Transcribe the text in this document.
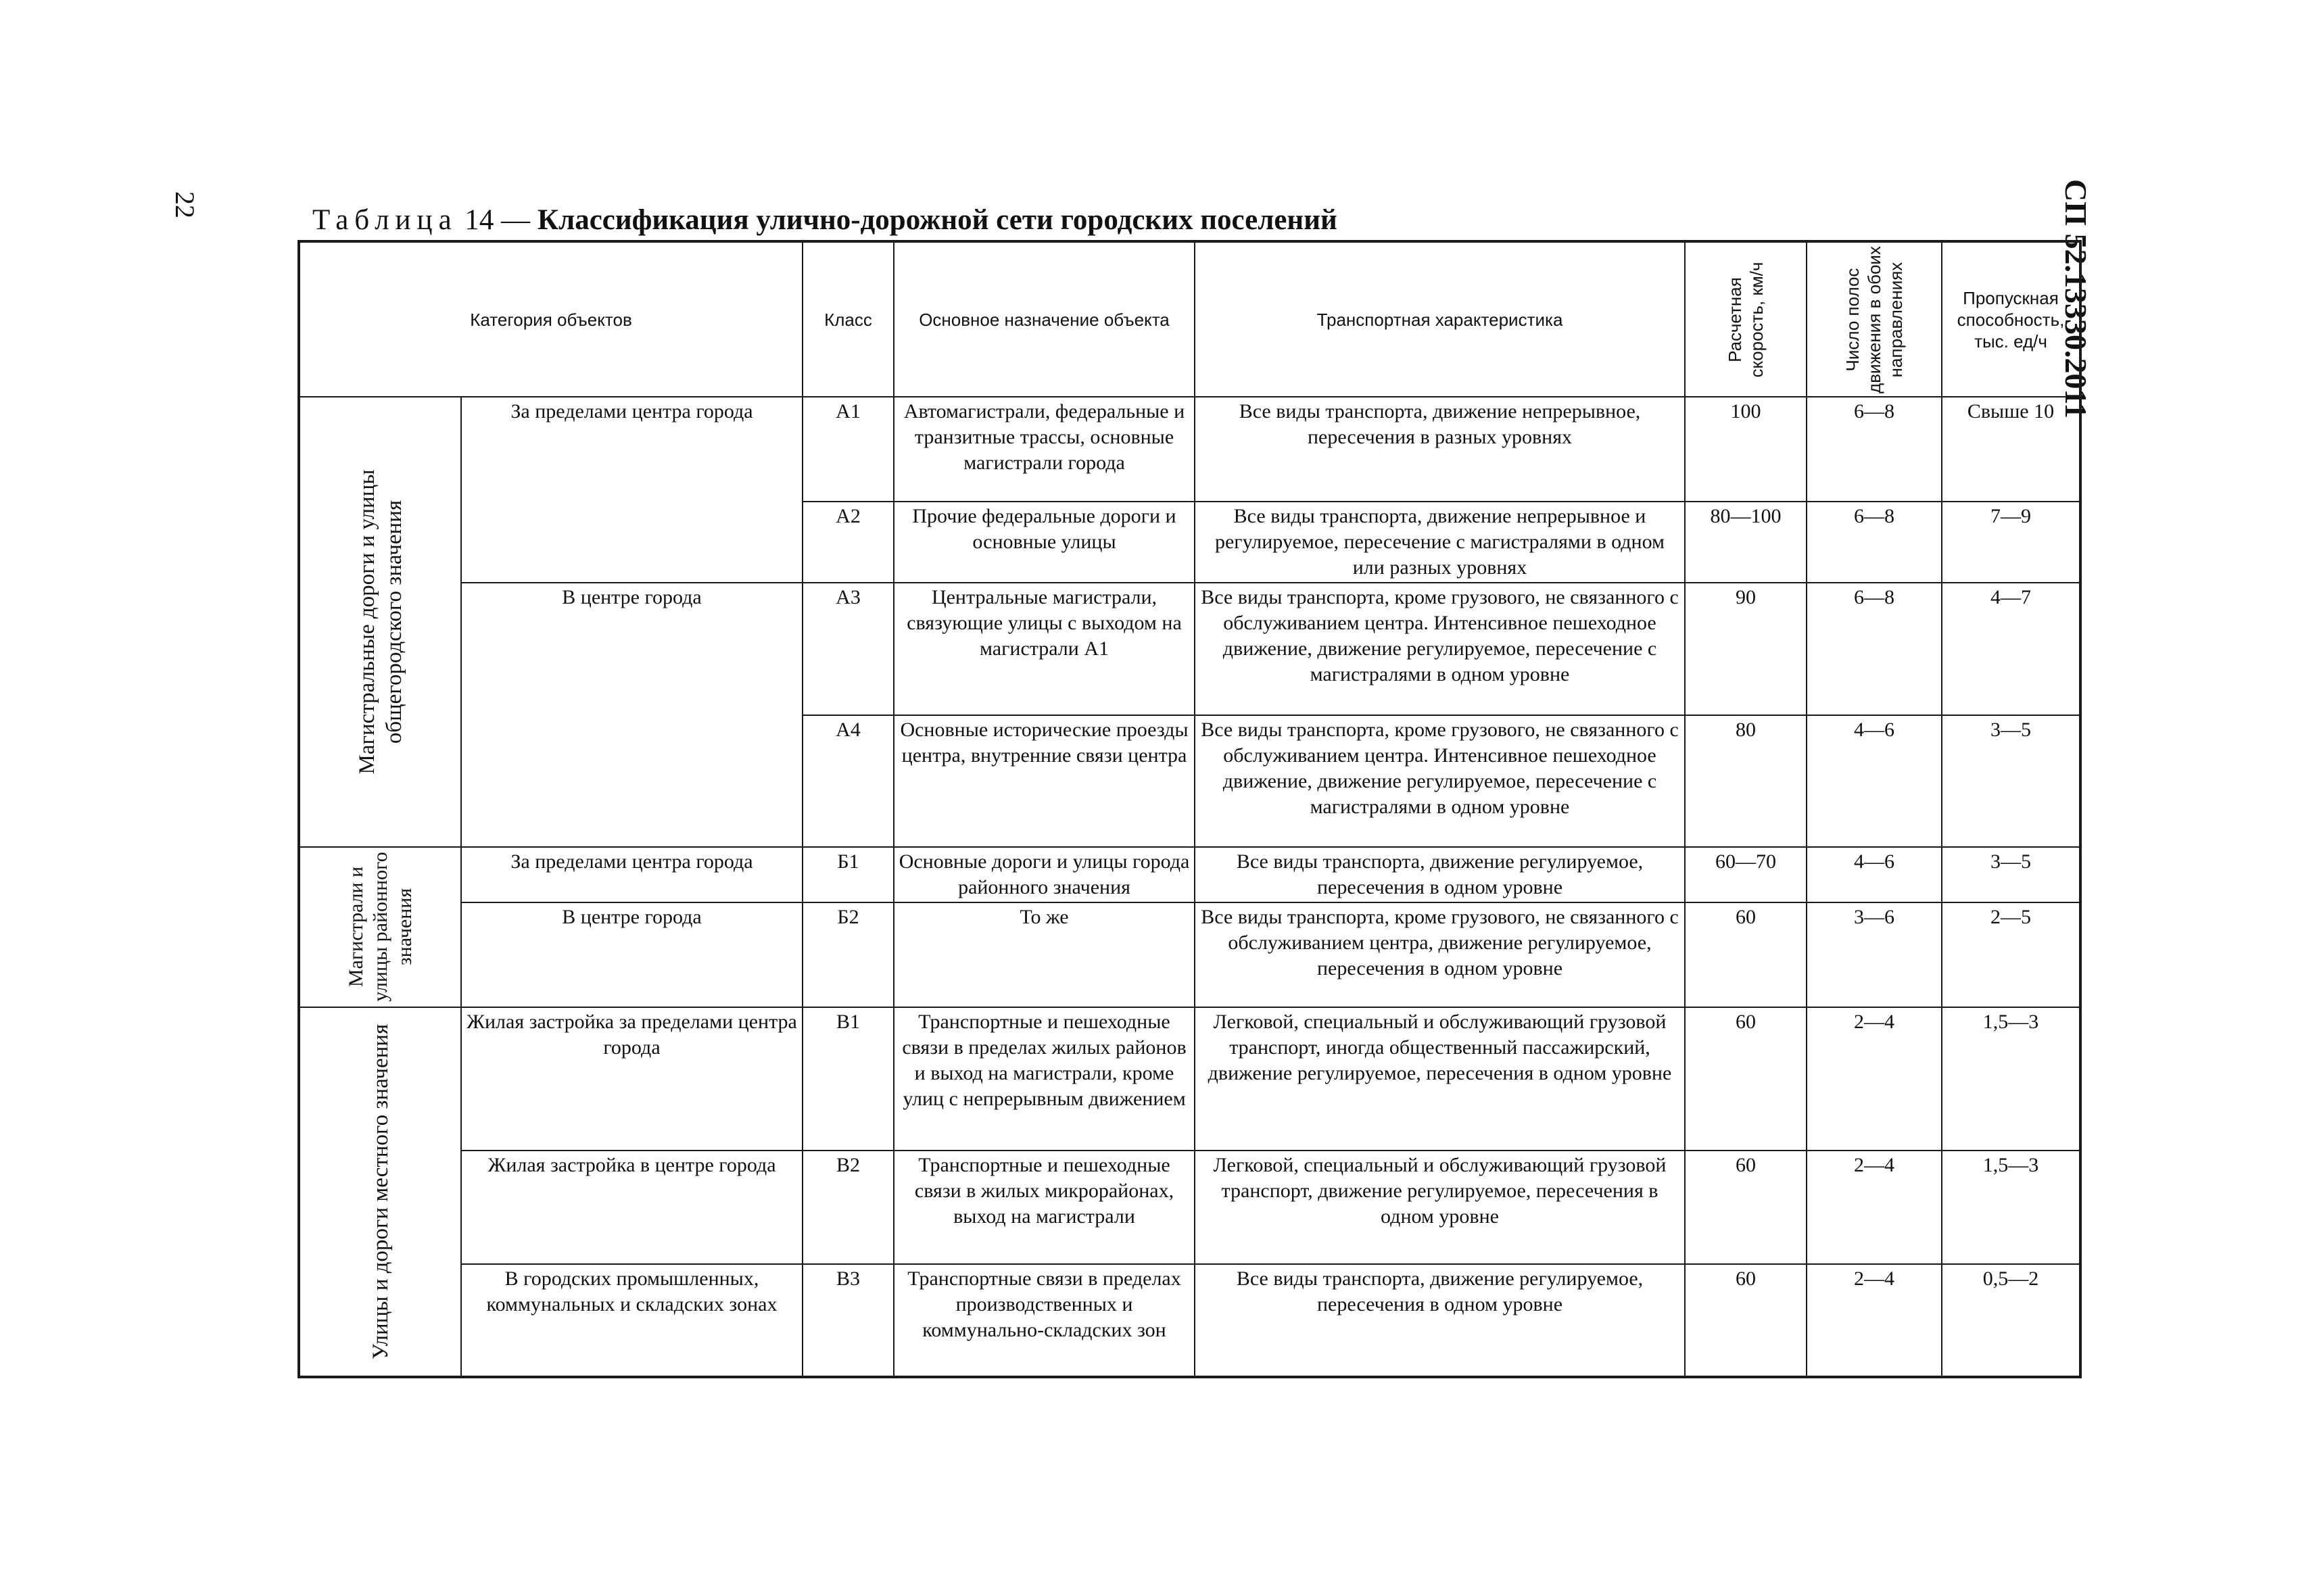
22	СП 52.13330.2011
Таблица 14 — Классификация улично-дорожной сети городских поселений
Категория объектов		Класс	Основное назначение объекта	Транспортная характеристика	Расчетная скорость, км/ч	Число полос движения в обоих направлениях	Пропускная способность, тыс. ед/ч

Магистральные дороги и улицы общегородского значения	За пределами центра города	А1	Автомагистрали, федеральные и транзитные трассы, основные магистрали города	Все виды транспорта, движение непрерывное, пересечения в разных уровнях	100	6—8	Свыше 10
		А2	Прочие федеральные дороги и основные улицы	Все виды транспорта, движение непрерывное и регулируемое, пересечение с магистралями в одном или разных уровнях	80—100	6—8	7—9
	В центре города	А3	Центральные магистрали, связующие улицы с выходом на магистрали А1	Все виды транспорта, кроме грузового, не связанного с обслуживанием центра. Интенсивное пешеходное движение, движение регулируемое, пересечение с магистралями в одном уровне	90	6—8	4—7
		А4	Основные исторические проезды центра, внутренние связи центра	Все виды транспорта, кроме грузового, не связанного с обслуживанием центра. Интенсивное пешеходное движение, движение регулируемое, пересечение с магистралями в одном уровне	80	4—6	3—5

Магистрали и улицы районного значения	За пределами центра города	Б1	Основные дороги и улицы города районного значения	Все виды транспорта, движение регулируемое, пересечения в одном уровне	60—70	4—6	3—5
	В центре города	Б2	То же	Все виды транспорта, кроме грузового, не связанного с обслуживанием центра, движение регулируемое, пересечения в одном уровне	60	3—6	2—5

Улицы и дороги местного значения	Жилая застройка за пределами центра города	В1	Транспортные и пешеходные связи в пределах жилых районов и выход на магистрали, кроме улиц с непрерывным движением	Легковой, специальный и обслуживающий грузовой транспорт, иногда общественный пассажирский, движение регулируемое, пересечения в одном уровне	60	2—4	1,5—3
	Жилая застройка в центре города	В2	Транспортные и пешеходные связи в жилых микрорайонах, выход на магистрали	Легковой, специальный и обслуживающий грузовой транспорт, движение регулируемое, пересечения в одном уровне	60	2—4	1,5—3
	В городских промышленных, коммунальных и складских зонах	В3	Транспортные связи в пределах производственных и коммунально-складских зон	Все виды транспорта, движение регулируемое, пересечения в одном уровне	60	2—4	0,5—2
